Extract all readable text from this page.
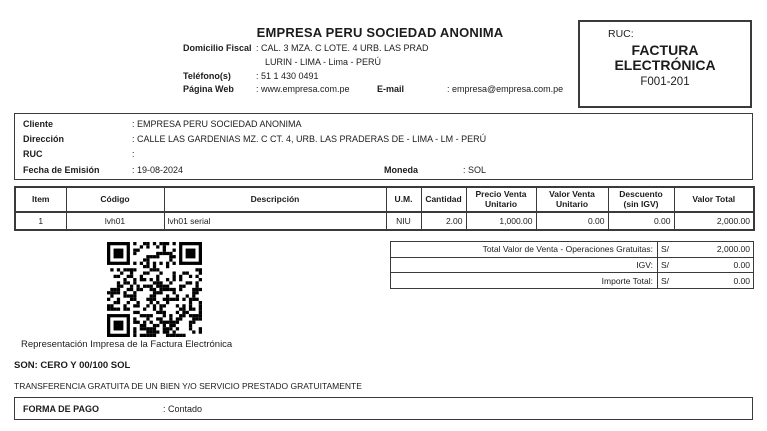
EMPRESA PERU SOCIEDAD ANONIMA
Domicilio Fiscal : CAL. 3 MZA. C LOTE. 4 URB. LAS PRAD
LURIN - LIMA - Lima - PERÚ
Teléfono(s)	: 51 1 430 0491
Página Web	: www.empresa.com.pe	E-mail	: empresa@empresa.com.pe
RUC:
FACTURA
ELECTRÓNICA
F001-201
Cliente	: EMPRESA PERU SOCIEDAD ANONIMA
Dirección	: CALLE LAS GARDENIAS MZ. C CT. 4, URB. LAS PRADERAS DE - LIMA - LM - PERÚ
RUC	:
Fecha de Emisión	: 19-08-2024	Moneda	: SOL
Item	Código	Descripción	U.M.	Cantidad	Precio Venta Unitario	Valor Venta Unitario	Descuento (sin IGV)	Valor Total
1	lvh01	lvh01 serial	NIU	2.00	1,000.00	0.00	0.00	2,000.00
Total Valor de Venta - Operaciones Gratuitas:	S/ 2,000.00

IGV:	S/ 0.00

Importe Total:	S/ 0.00
Representación Impresa de la Factura Electrónica
SON: CERO Y 00/100 SOL
TRANSFERENCIA GRATUITA DE UN BIEN Y/O SERVICIO PRESTADO GRATUITAMENTE
FORMA DE PAGO	: Contado
